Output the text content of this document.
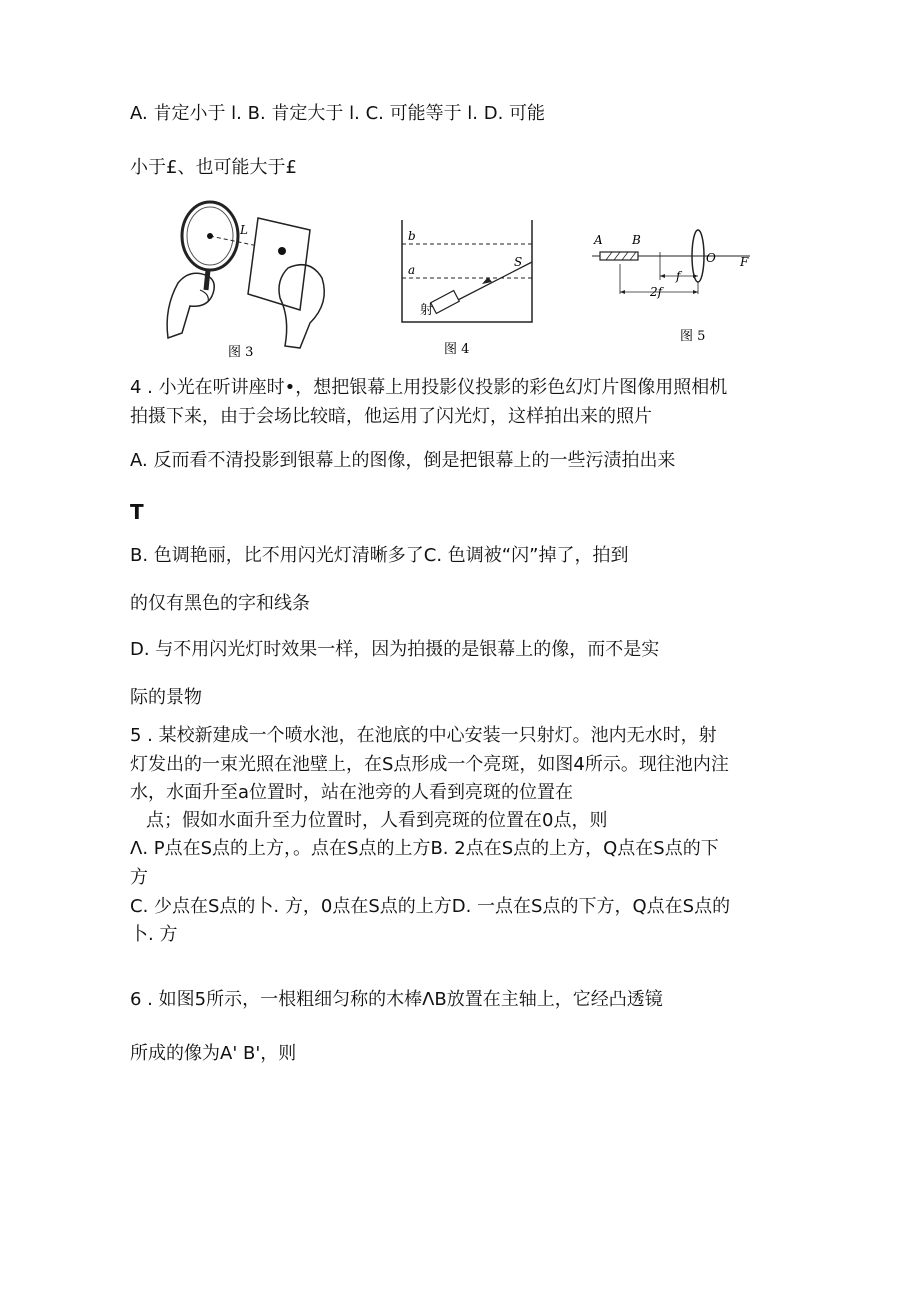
A. 肯定小于 l. B. 肯定大于 l. C. 可能等于 l. D. 可能
小于£、也可能大于£
L
图 3
b
a
S
射
图 4
A B
O F
f
2f
图 5
4 . 小光在听讲座时•，想把银幕上用投影仪投影的彩色幻灯片图像用照相机
拍摄下来，由于会场比较暗，他运用了闪光灯，这样拍出来的照片
A. 反而看不清投影到银幕上的图像，倒是把银幕上的一些污渍拍出来
T
B. 色调艳丽，比不用闪光灯清晰多了C. 色调被“闪”掉了，拍到
的仅有黑色的字和线条
D. 与不用闪光灯时效果一样，因为拍摄的是银幕上的像，而不是实
际的景物
5 . 某校新建成一个喷水池，在池底的中心安装一只射灯。池内无水时，射
灯发出的一束光照在池壁上，在S点形成一个亮斑，如图4所示。现往池内注
水，水面升至a位置时，站在池旁的人看到亮斑的位置在
点；假如水面升至力位置时，人看到亮斑的位置在0点，则
Λ. P点在S点的上方，。点在S点的上方B. 2点在S点的上方，Q点在S点的下
方
C. 少点在S点的卜. 方，0点在S点的上方D. 一点在S点的下方，Q点在S点的
卜. 方
6 . 如图5所示，一根粗细匀称的木棒ΛB放置在主轴上，它经凸透镜
所成的像为A' B'，则
